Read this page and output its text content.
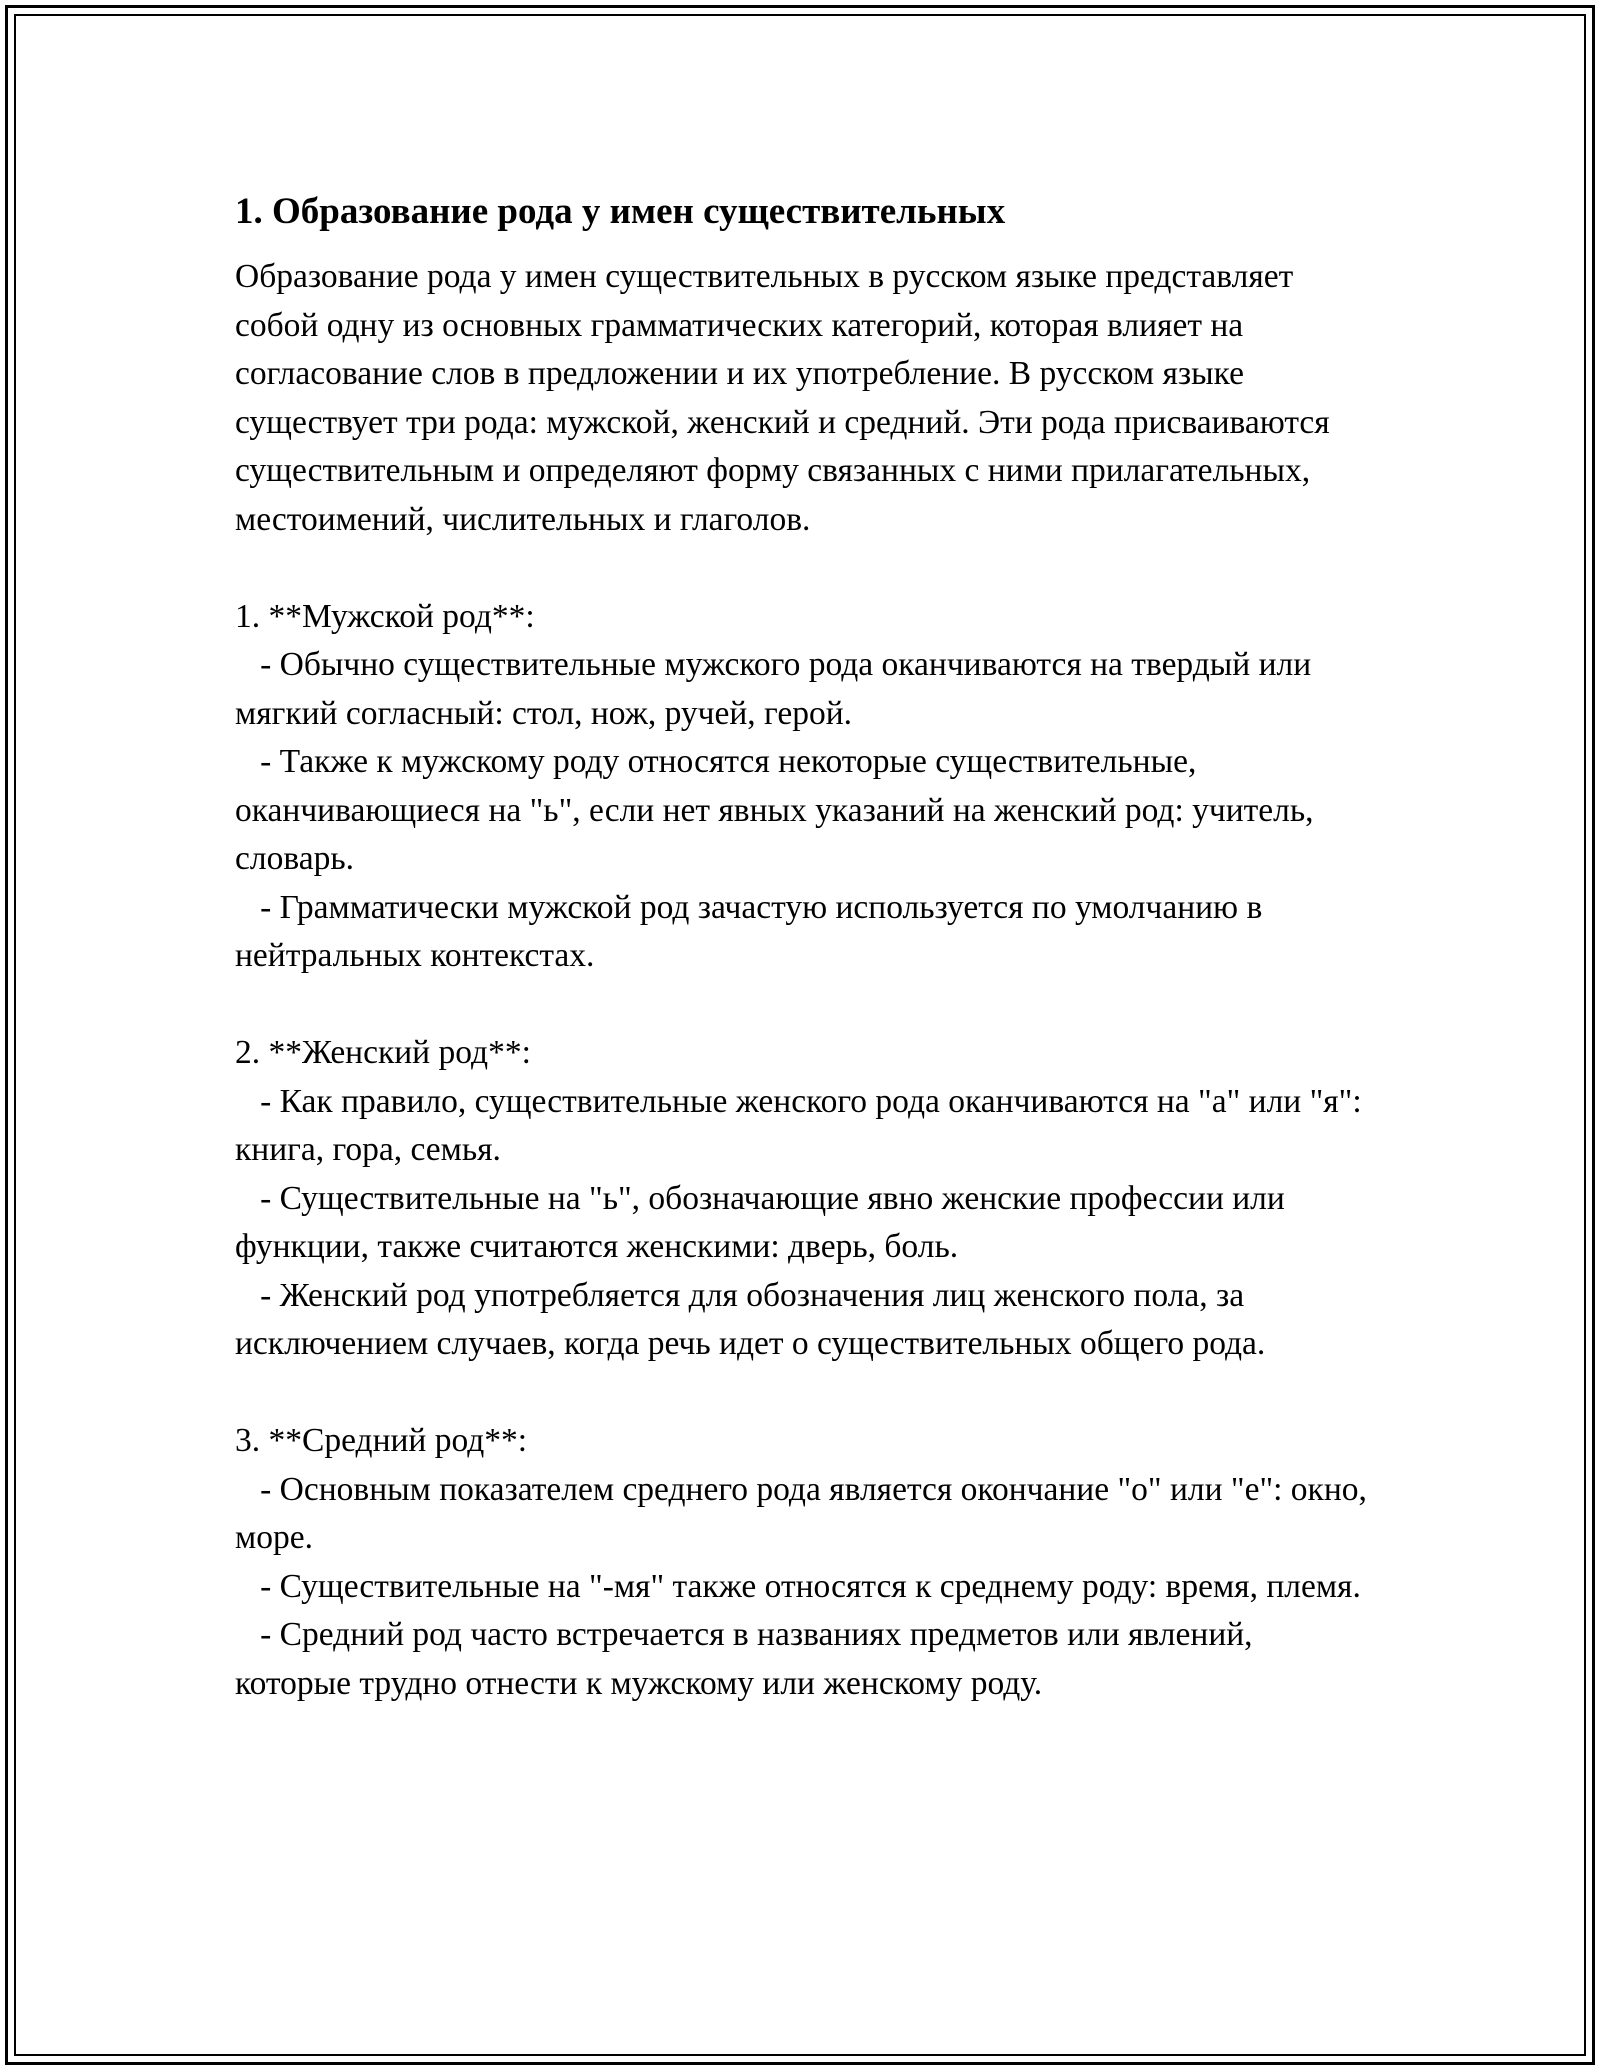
1. Образование рода у имен существительных

Образование рода у имен существительных в русском языке представляет собой одну из основных грамматических категорий, которая влияет на согласование слов в предложении и их употребление. В русском языке существует три рода: мужской, женский и средний. Эти рода присваиваются существительным и определяют форму связанных с ними прилагательных, местоимений, числительных и глаголов.

1. **Мужской род**:

- Обычно существительные мужского рода оканчиваются на твердый или мягкий согласный: стол, нож, ручей, герой.

- Также к мужскому роду относятся некоторые существительные, оканчивающиеся на "ь", если нет явных указаний на женский род: учитель, словарь.

- Грамматически мужской род зачастую используется по умолчанию в нейтральных контекстах.

2. **Женский род**:

- Как правило, существительные женского рода оканчиваются на "а" или "я": книга, гора, семья.

- Существительные на "ь", обозначающие явно женские профессии или функции, также считаются женскими: дверь, боль.

- Женский род употребляется для обозначения лиц женского пола, за исключением случаев, когда речь идет о существительных общего рода.

3. **Средний род**:

- Основным показателем среднего рода является окончание "о" или "е": окно, море.

- Существительные на "-мя" также относятся к среднему роду: время, племя.

- Средний род часто встречается в названиях предметов или явлений, которые трудно отнести к мужскому или женскому роду.
